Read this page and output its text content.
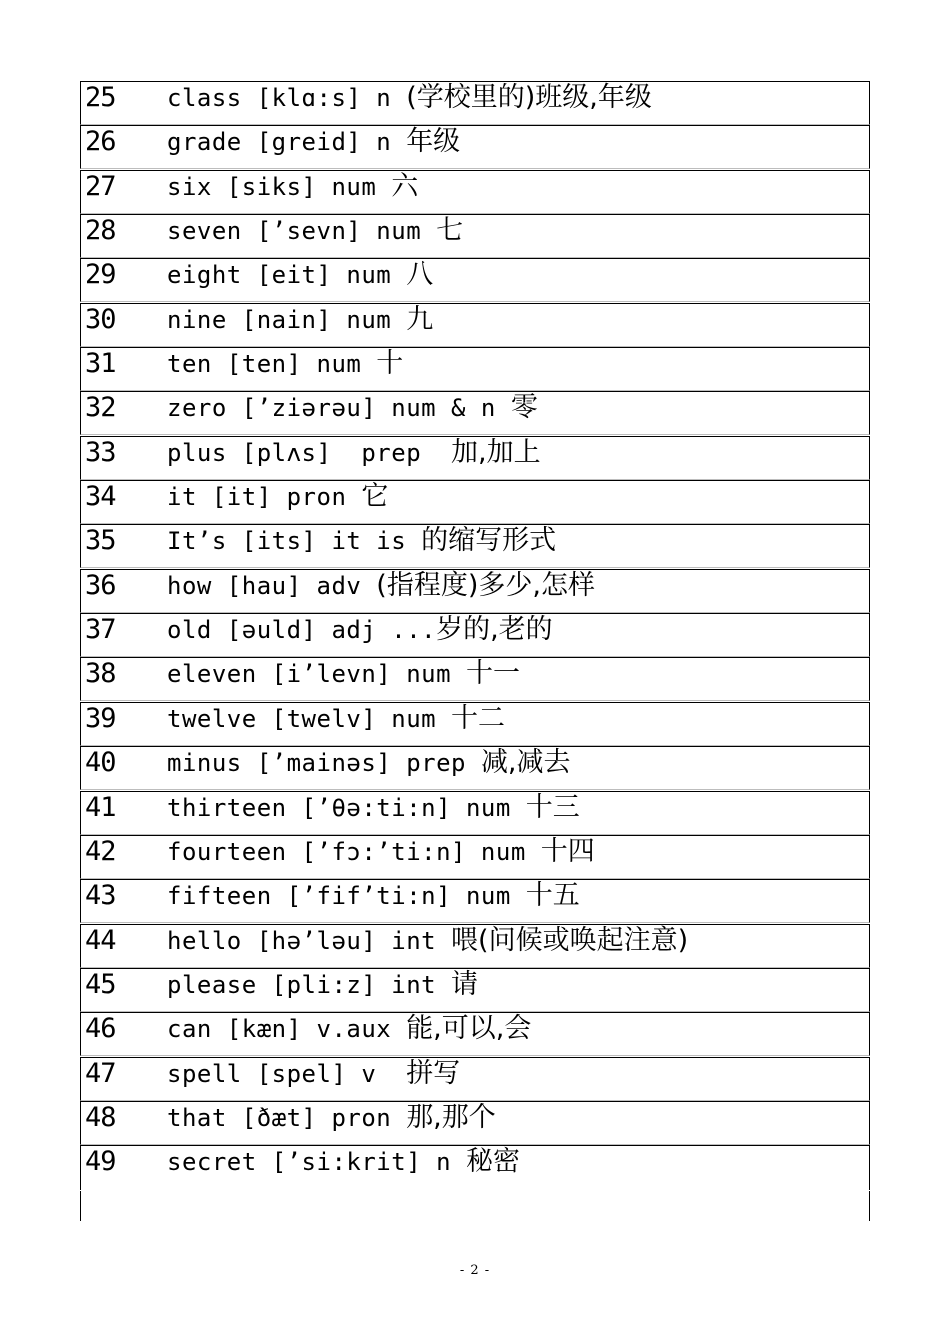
25 class [klɑ:s] n (学校里的)班级,年级
26 grade [greid] n 年级
27 six [siks] num 六
28 seven [’sevn] num 七
29 eight [eit] num 八
30 nine [nain] num 九
31 ten [ten] num 十
32 zero [’ziərəu] num & n 零
33 plus [plʌs]  prep  加,加上
34 it [it] pron 它
35 It’s [its] it is 的缩写形式
36 how [hau] adv (指程度)多少,怎样
37 old [əuld] adj ...岁的,老的
38 eleven [i’levn] num 十一
39 twelve [twelv] num 十二
40 minus [’mainəs] prep 减,减去
41 thirteen [’θə:ti:n] num 十三
42 fourteen [’fɔ:’ti:n] num 十四
43 fifteen [’fif’ti:n] num 十五
44 hello [hə’ləu] int 喂(问候或唤起注意)
45 please [pli:z] int 请
46 can [kæn] v.aux 能,可以,会
47 spell [spel] v  拼写
48 that [ðæt] pron 那,那个
49 secret [’si:krit] n 秘密
- 2 -
